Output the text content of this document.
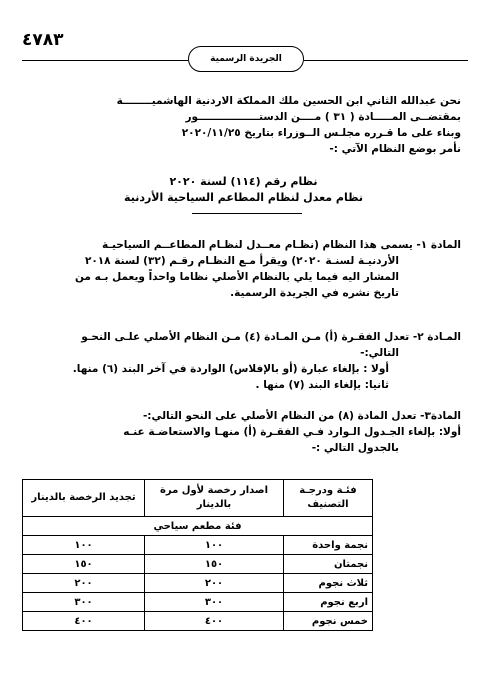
٤٧٨٣
الجريدة الرسمية
نحن عبدالله الثاني ابن الحسين ملك المملكة الاردنية الهاشميــــــــة
بمقتضــى المـــــادة ( ٣١ ) مــــن الدستـــــــــــــــــور
وبناء على ما قـرره مجلـس الــوزراء بتاريخ ٢٠٢٠/١١/٢٥
نأمر بوضع النظام الآتي :-
نظام رقم (١١٤) لسنة ٢٠٢٠
نظام معدل لنظام المطاعم السياحية الأردنية
المادة ١- يسمى هذا النظام (نظـام معــدل لنظـام المطاعــم السياحيـة
الأردنيـة لسنـة ٢٠٢٠) ويقرأ مـع النظـام رقـم (٣٢) لسنة ٢٠١٨
المشار اليه فيما يلي بالنظام الأصلي نظاما واحداً ويعمل بـه من
تاريخ نشره في الجريدة الرسمية.
المـادة ٢- تعدل الفقـرة (أ) مـن المـادة (٤) مـن النظام الأصلي علـى النحـو
التالي:-
أولا : بإلغاء عبارة (أو بالإفلاس) الواردة في آخر البند (٦) منها.
ثانيا: بإلغاء البند (٧) منها .
المادة٣- تعدل المادة (٨) من النظام الأصلي على النحو التالي:-
أولا: بإلغاء الجـدول الـوارد فـي الفقـرة (أ) منهـا والاستعاضـة عنـه
بالجدول التالي :-
فئـة ودرجـة التصنيف	اصدار رخصة لأول مرة بالدينار	تجديد الرخصة بالدينار
فئة مطعم سياحي		
نجمة واحدة	١٠٠	١٠٠
نجمتان	١٥٠	١٥٠
ثلاث نجوم	٢٠٠	٢٠٠
اربع نجوم	٣٠٠	٣٠٠
خمس نجوم	٤٠٠	٤٠٠
